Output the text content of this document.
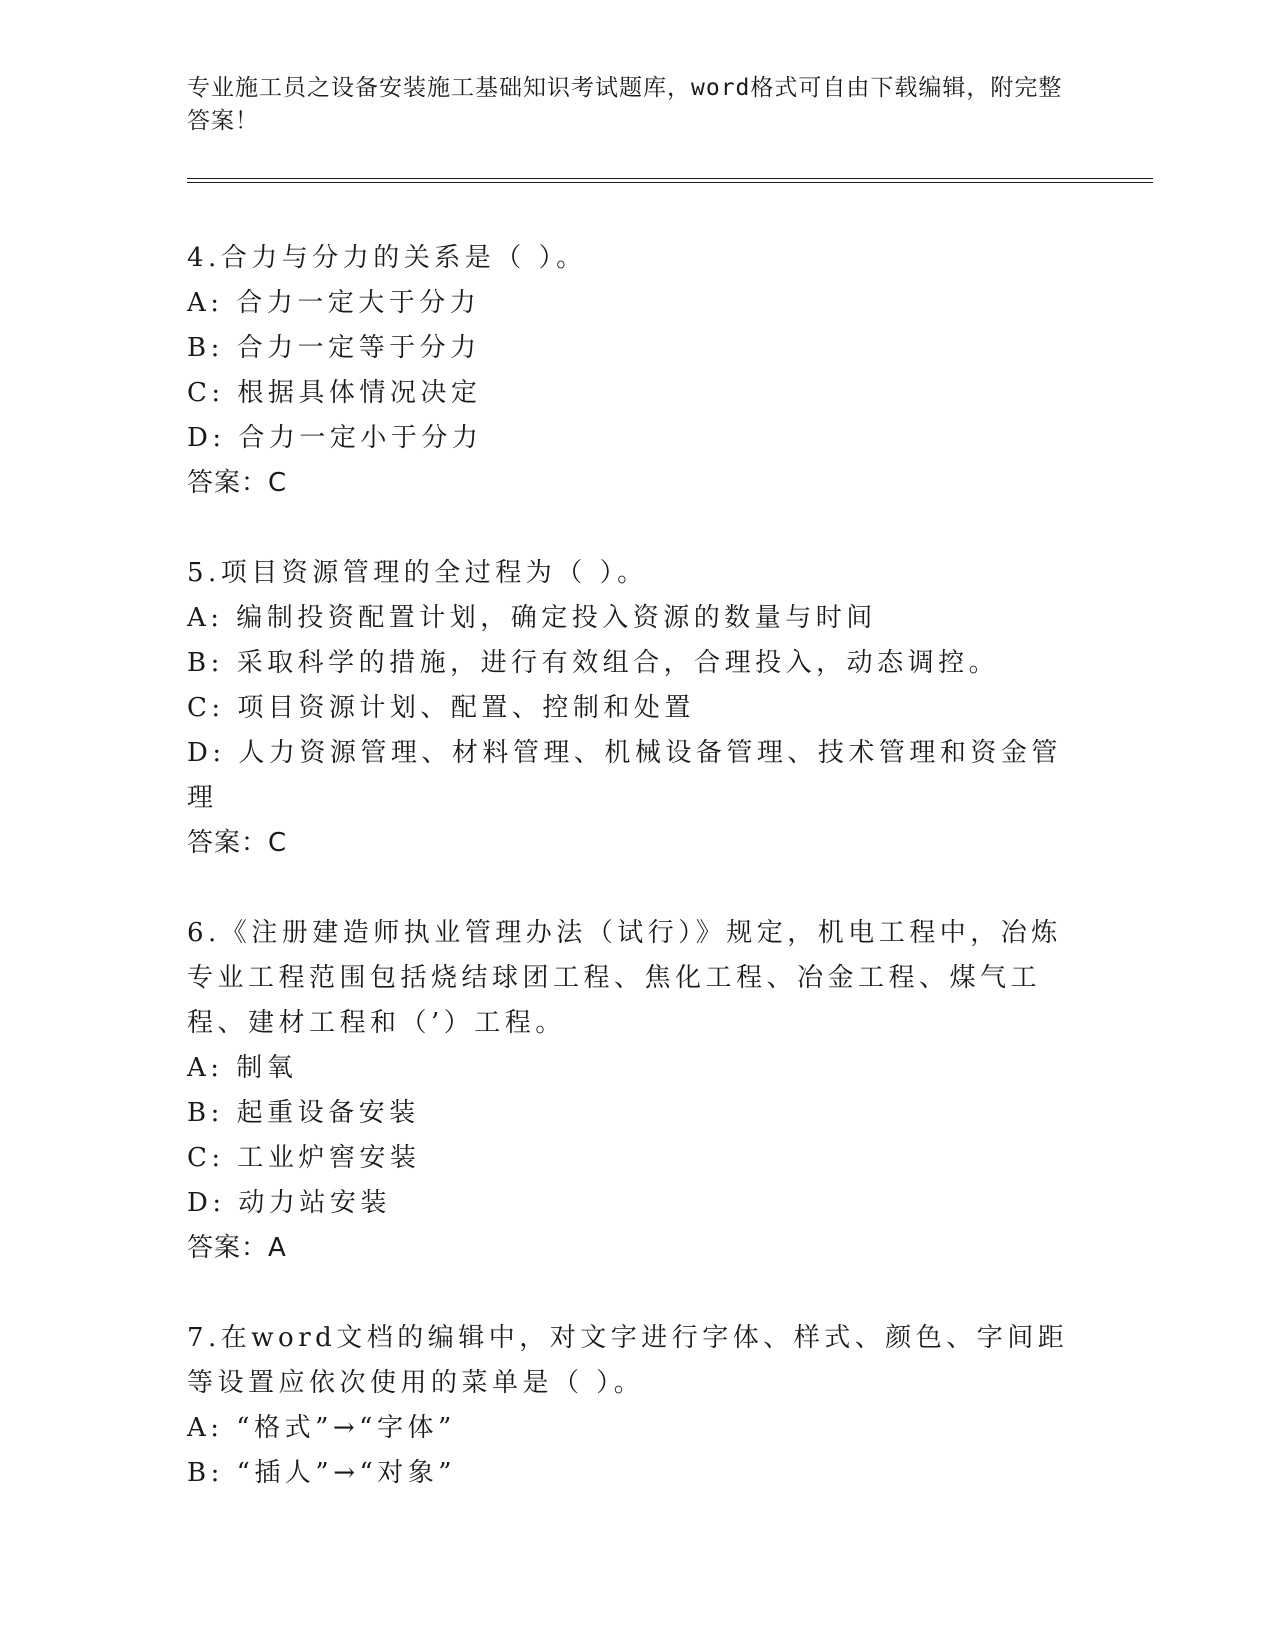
专业施工员之设备安装施工基础知识考试题库，word格式可自由下载编辑，附完整答案！

4.合力与分力的关系是（ ）。

A: 合力一定大于分力

B: 合力一定等于分力

C: 根据具体情况决定

D: 合力一定小于分力

答案：C

5.项目资源管理的全过程为（ ）。

A: 编制投资配置计划，确定投入资源的数量与时间

B: 采取科学的措施，进行有效组合，合理投入，动态调控。

C: 项目资源计划、配置、控制和处置

D: 人力资源管理、材料管理、机械设备管理、技术管理和资金管理

答案：C

6.《注册建造师执业管理办法（试行）》规定，机电工程中，冶炼专业工程范围包括烧结球团工程、焦化工程、冶金工程、煤气工程、建材工程和（’）工程。

A: 制氧

B: 起重设备安装

C: 工业炉窖安装

D: 动力站安装

答案：A

7.在word文档的编辑中，对文字进行字体、样式、颜色、字间距等设置应依次使用的菜单是（ ）。

A: “格式”→“字体”

B: “插人”→“对象”
